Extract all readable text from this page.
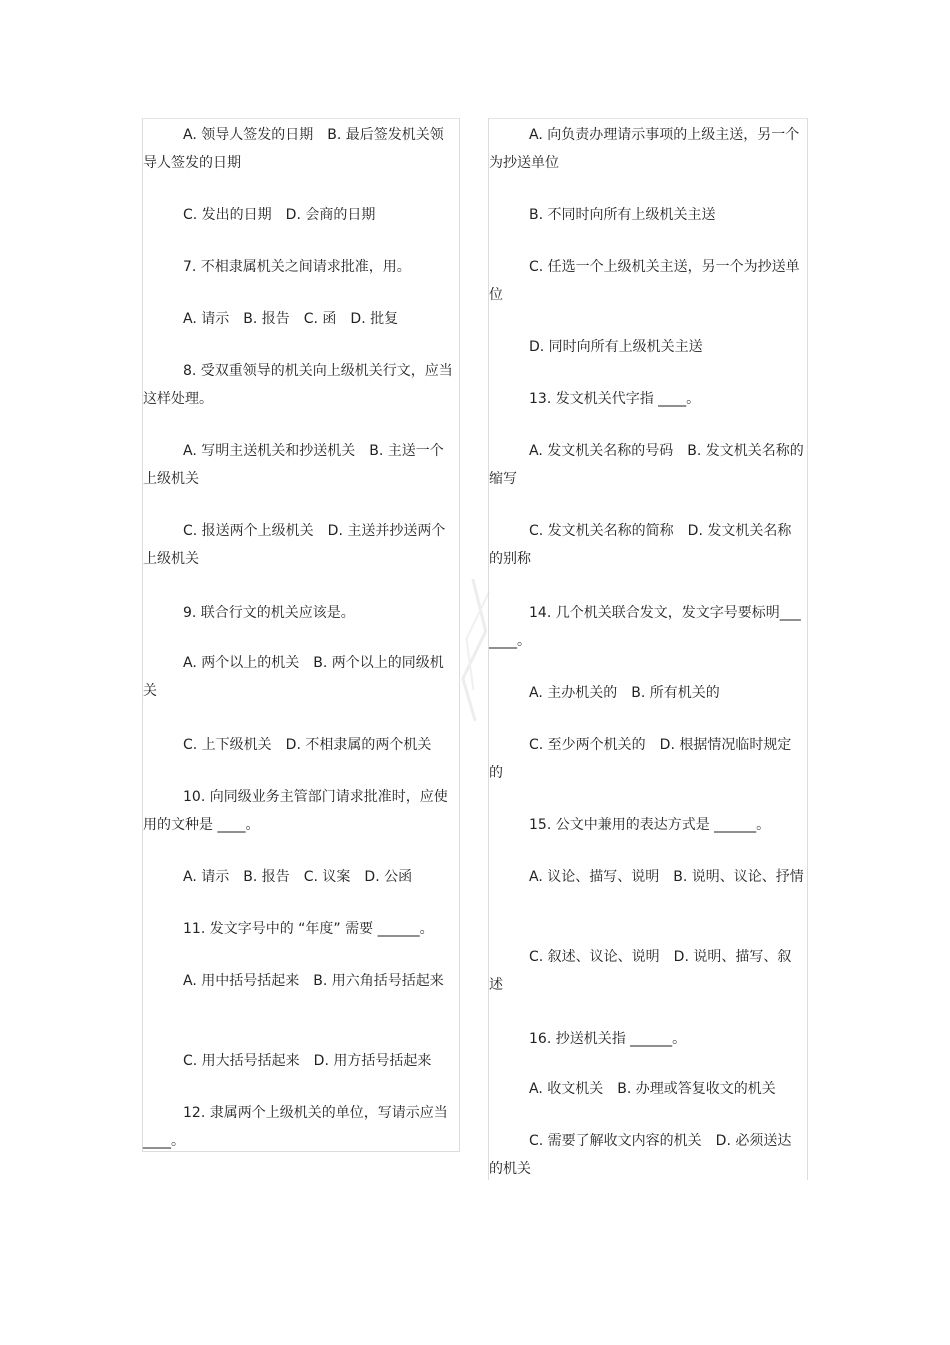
A. 领导人签发的日期　B. 最后签发机关领导人签发的日期
C. 发出的日期　D. 会商的日期
7. 不相隶属机关之间请求批准，用。
A. 请示　B. 报告　C. 函　D. 批复
8. 受双重领导的机关向上级机关行文，应当这样处理。
A. 写明主送机关和抄送机关　B. 主送一个上级机关
C. 报送两个上级机关　D. 主送并抄送两个上级机关
9. 联合行文的机关应该是。
A. 两个以上的机关　B. 两个以上的同级机关
C. 上下级机关　D. 不相隶属的两个机关
10. 向同级业务主管部门请求批准时，应使用的文种是 ____。
A. 请示　B. 报告　C. 议案　D. 公函
11. 发文字号中的 “年度” 需要 ______。
A. 用中括号括起来　B. 用六角括号括起来
C. 用大括号括起来　D. 用方括号括起来
12. 隶属两个上级机关的单位，写请示应当 ____。
A. 向负责办理请示事项的上级主送，另一个为抄送单位
B. 不同时向所有上级机关主送
C. 任选一个上级机关主送，另一个为抄送单位
D. 同时向所有上级机关主送
13. 发文机关代字指 ____。
A. 发文机关名称的号码　B. 发文机关名称的缩写
C. 发文机关名称的简称　D. 发文机关名称的别称
14. 几个机关联合发文，发文字号要标明_______。
A. 主办机关的　B. 所有机关的
C. 至少两个机关的　D. 根据情况临时规定的
15. 公文中兼用的表达方式是 ______。
A. 议论、描写、说明　B. 说明、议论、抒情
C. 叙述、议论、说明　D. 说明、描写、叙述
16. 抄送机关指 ______。
A. 收文机关　B. 办理或答复收文的机关
C. 需要了解收文内容的机关　D. 必须送达的机关
